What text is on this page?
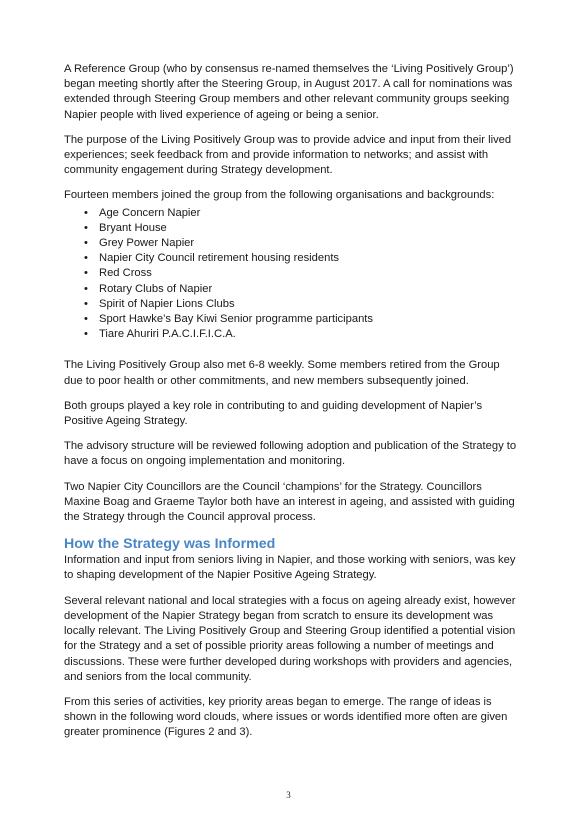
A Reference Group (who by consensus re-named themselves the ‘Living Positively Group’) began meeting shortly after the Steering Group, in August 2017. A call for nominations was extended through Steering Group members and other relevant community groups seeking Napier people with lived experience of ageing or being a senior.

The purpose of the Living Positively Group was to provide advice and input from their lived experiences; seek feedback from and provide information to networks; and assist with community engagement during Strategy development.

Fourteen members joined the group from the following organisations and backgrounds:

• Age Concern Napier
• Bryant House
• Grey Power Napier
• Napier City Council retirement housing residents
• Red Cross
• Rotary Clubs of Napier
• Spirit of Napier Lions Clubs
• Sport Hawke’s Bay Kiwi Senior programme participants
• Tiare Ahuriri P.A.C.I.F.I.C.A.

The Living Positively Group also met 6-8 weekly. Some members retired from the Group due to poor health or other commitments, and new members subsequently joined.

Both groups played a key role in contributing to and guiding development of Napier’s Positive Ageing Strategy.

The advisory structure will be reviewed following adoption and publication of the Strategy to have a focus on ongoing implementation and monitoring.

Two Napier City Councillors are the Council ‘champions’ for the Strategy. Councillors Maxine Boag and Graeme Taylor both have an interest in ageing, and assisted with guiding the Strategy through the Council approval process.

How the Strategy was Informed

Information and input from seniors living in Napier, and those working with seniors, was key to shaping development of the Napier Positive Ageing Strategy.

Several relevant national and local strategies with a focus on ageing already exist, however development of the Napier Strategy began from scratch to ensure its development was locally relevant. The Living Positively Group and Steering Group identified a potential vision for the Strategy and a set of possible priority areas following a number of meetings and discussions. These were further developed during workshops with providers and agencies, and seniors from the local community.

From this series of activities, key priority areas began to emerge. The range of ideas is shown in the following word clouds, where issues or words identified more often are given greater prominence (Figures 2 and 3).

3
